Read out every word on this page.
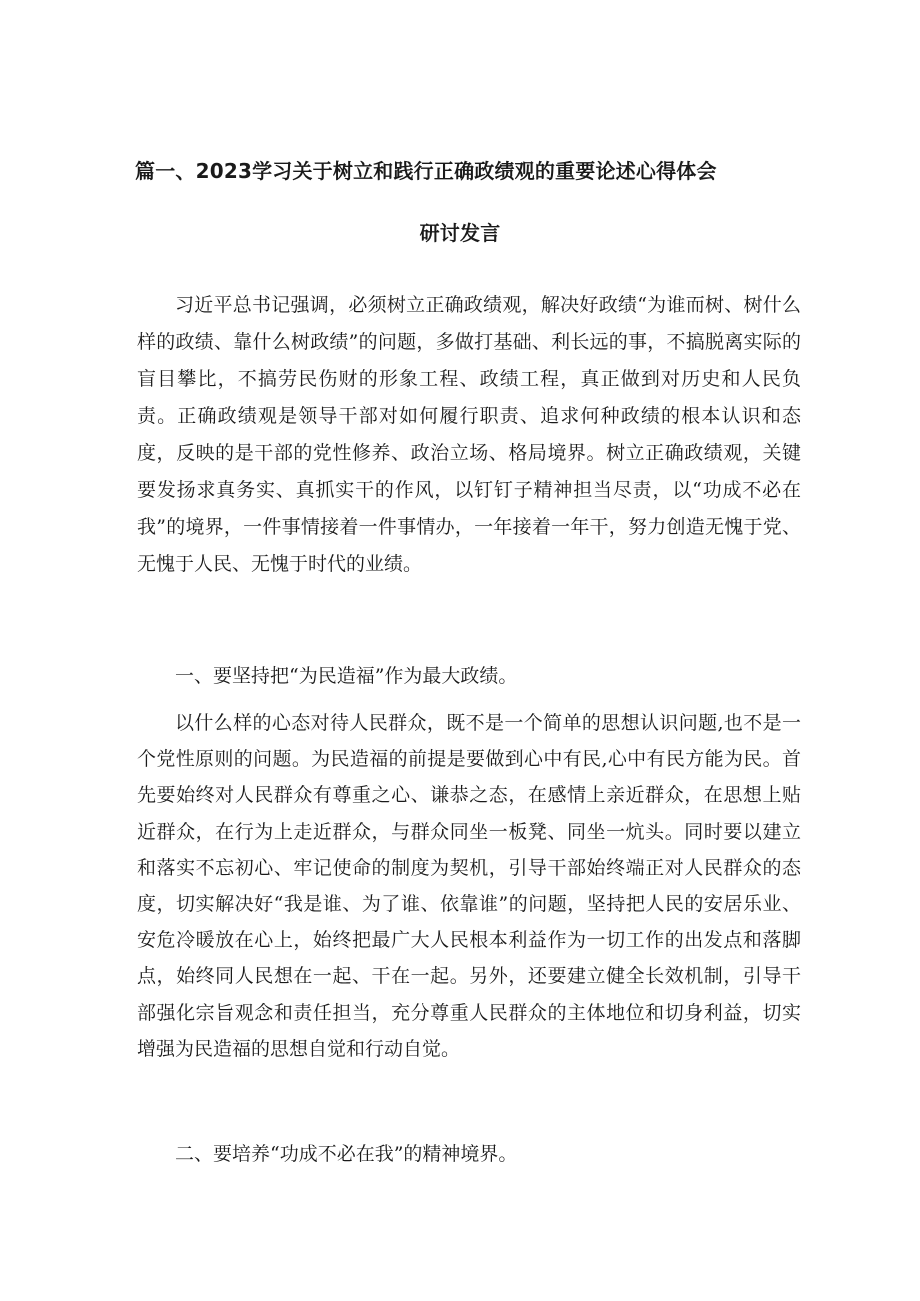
篇一、2023学习关于树立和践行正确政绩观的重要论述心得体会
研讨发言

习近平总书记强调，必须树立正确政绩观，解决好政绩“为谁而树、树什么样的政绩、靠什么树政绩”的问题，多做打基础、利长远的事，不搞脱离实际的盲目攀比，不搞劳民伤财的形象工程、政绩工程，真正做到对历史和人民负责。正确政绩观是领导干部对如何履行职责、追求何种政绩的根本认识和态度，反映的是干部的党性修养、政治立场、格局境界。树立正确政绩观，关键要发扬求真务实、真抓实干的作风，以钉钉子精神担当尽责，以“功成不必在我”的境界，一件事情接着一件事情办，一年接着一年干，努力创造无愧于党、无愧于人民、无愧于时代的业绩。

一、要坚持把“为民造福”作为最大政绩。

以什么样的心态对待人民群众，既不是一个简单的思想认识问题,也不是一个党性原则的问题。为民造福的前提是要做到心中有民,心中有民方能为民。首先要始终对人民群众有尊重之心、谦恭之态，在感情上亲近群众，在思想上贴近群众，在行为上走近群众，与群众同坐一板凳、同坐一炕头。同时要以建立和落实不忘初心、牢记使命的制度为契机，引导干部始终端正对人民群众的态度，切实解决好“我是谁、为了谁、依靠谁”的问题，坚持把人民的安居乐业、安危冷暖放在心上，始终把最广大人民根本利益作为一切工作的出发点和落脚点，始终同人民想在一起、干在一起。另外，还要建立健全长效机制，引导干部强化宗旨观念和责任担当，充分尊重人民群众的主体地位和切身利益，切实增强为民造福的思想自觉和行动自觉。

二、要培养“功成不必在我”的精神境界。
